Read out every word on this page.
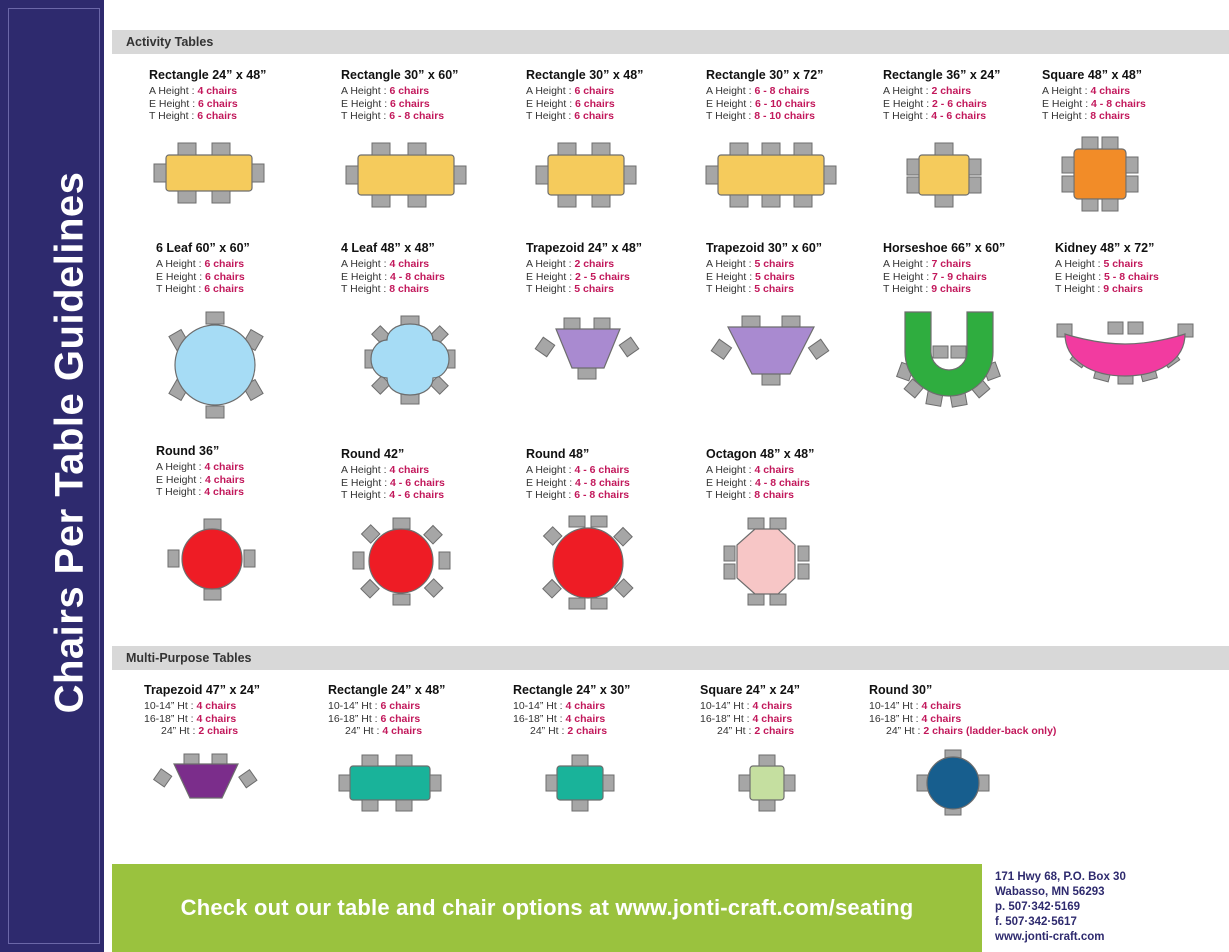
Chairs Per Table Guidelines
Activity Tables
Rectangle 24” x 48”
A Height : 4 chairs
E Height : 6 chairs
T Height : 6 chairs
Rectangle 30” x 60”
A Height : 6 chairs
E Height : 6 chairs
T Height : 6 - 8 chairs
Rectangle 30” x 48”
A Height : 6 chairs
E Height : 6 chairs
T Height : 6 chairs
Rectangle 30” x 72”
A Height : 6 - 8 chairs
E Height : 6 - 10 chairs
T Height : 8 - 10 chairs
Rectangle 36” x 24”
A Height : 2 chairs
E Height : 2 - 6 chairs
T Height : 4 - 6 chairs
Square 48” x 48”
A Height : 4 chairs
E Height : 4 - 8 chairs
T Height : 8 chairs
6 Leaf 60” x 60”
A Height : 6 chairs
E Height : 6 chairs
T Height : 6 chairs
4 Leaf 48” x 48”
A Height : 4 chairs
E Height : 4 - 8 chairs
T Height : 8 chairs
Trapezoid 24” x 48”
A Height : 2 chairs
E Height : 2 - 5 chairs
T Height : 5 chairs
Trapezoid 30” x 60”
A Height : 5 chairs
E Height : 5 chairs
T Height : 5 chairs
Horseshoe 66” x 60”
A Height : 7 chairs
E Height : 7 - 9 chairs
T Height : 9 chairs
Kidney 48” x 72”
A Height : 5 chairs
E Height : 5 - 8 chairs
T Height : 9 chairs
Round 36”
A Height : 4 chairs
E Height : 4 chairs
T Height : 4 chairs
Round 42”
A Height : 4 chairs
E Height : 4 - 6 chairs
T Height : 4 - 6 chairs
Round 48”
A Height : 4 - 6 chairs
E Height : 4 - 8 chairs
T Height : 6 - 8 chairs
Octagon 48” x 48”
A Height : 4 chairs
E Height : 4 - 8 chairs
T Height : 8 chairs
Multi-Purpose Tables
Trapezoid 47” x 24”
10-14” Ht : 4 chairs
16-18” Ht : 4 chairs
24” Ht : 2 chairs
Rectangle 24” x 48”
10-14” Ht : 6 chairs
16-18” Ht : 6 chairs
24” Ht : 4 chairs
Rectangle 24” x 30”
10-14” Ht : 4 chairs
16-18” Ht : 4 chairs
24” Ht : 2 chairs
Square 24” x 24”
10-14” Ht : 4 chairs
16-18” Ht : 4 chairs
24” Ht : 2 chairs
Round 30”
10-14” Ht : 4 chairs
16-18” Ht : 4 chairs
24” Ht : 2 chairs (ladder-back only)
Check out our table and chair options at www.jonti-craft.com/seating
171 Hwy 68, P.O. Box 30
Wabasso, MN 56293
p. 507·342·5169
f. 507·342·5617
www.jonti-craft.com
